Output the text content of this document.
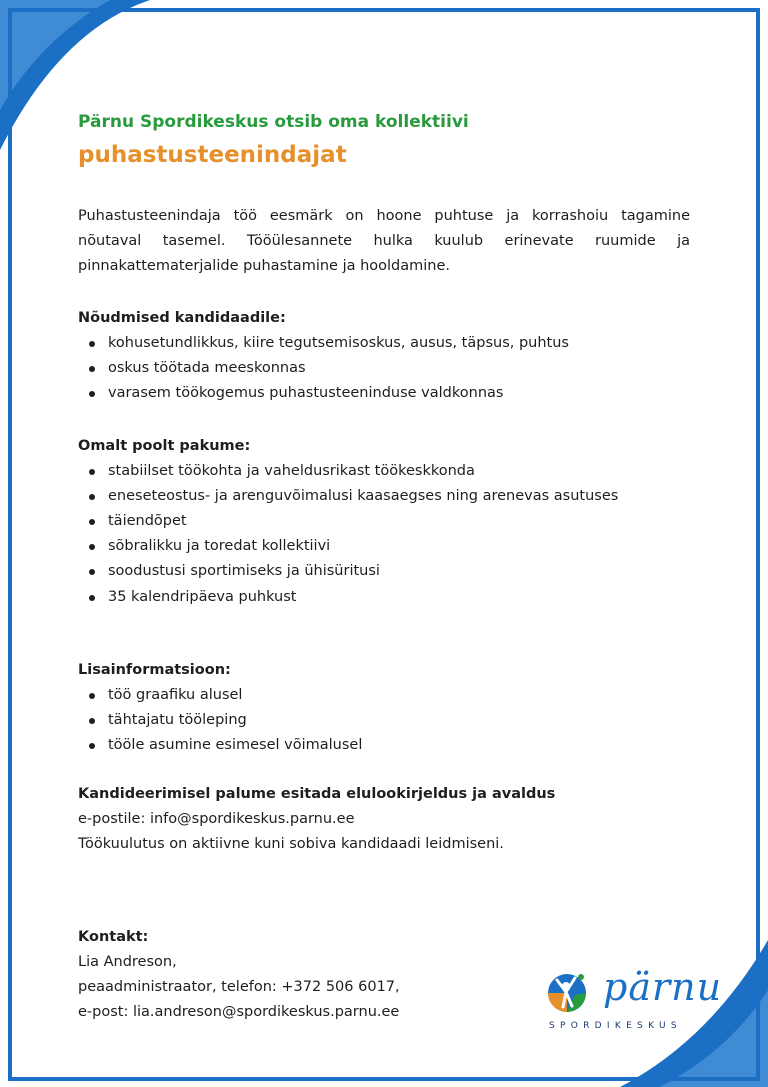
Pärnu Spordikeskus otsib oma kollektiivi

puhastusteenindajat

Puhastusteenindaja töö eesmärk on hoone puhtuse ja korrashoiu tagamine nõutaval tasemel. Tööülesannete hulka kuulub erinevate ruumide ja pinnakattematerjalide puhastamine ja hooldamine.

Nõudmised kandidaadile:

kohusetundlikkus, kiire tegutsemisoskus, ausus, täpsus, puhtus
oskus töötada meeskonnas
varasem töökogemus puhastusteeninduse valdkonnas

Omalt poolt pakume:

stabiilset töökohta ja vaheldusrikast töökeskkonda
eneseteostus- ja arenguvõimalusi kaasaegses ning arenevas asutuses
täiendõpet
sõbralikku ja toredat kollektiivi
soodustusi sportimiseks ja ühisüritusi
35 kalendripäeva puhkust

Lisainformatsioon:

töö graafiku alusel
tähtajatu tööleping
tööle asumine esimesel võimalusel

Kandideerimisel palume esitada elulookirjeldus ja avaldus

e-postile: info@spordikeskus.parnu.ee

Töökuulutus on aktiivne kuni sobiva kandidaadi leidmiseni.

Kontakt:

Lia Andreson,

peaadministraator, telefon: +372 506 6017,

e-post: lia.andreson@spordikeskus.parnu.ee

pärnu
SPORDIKESKUS
